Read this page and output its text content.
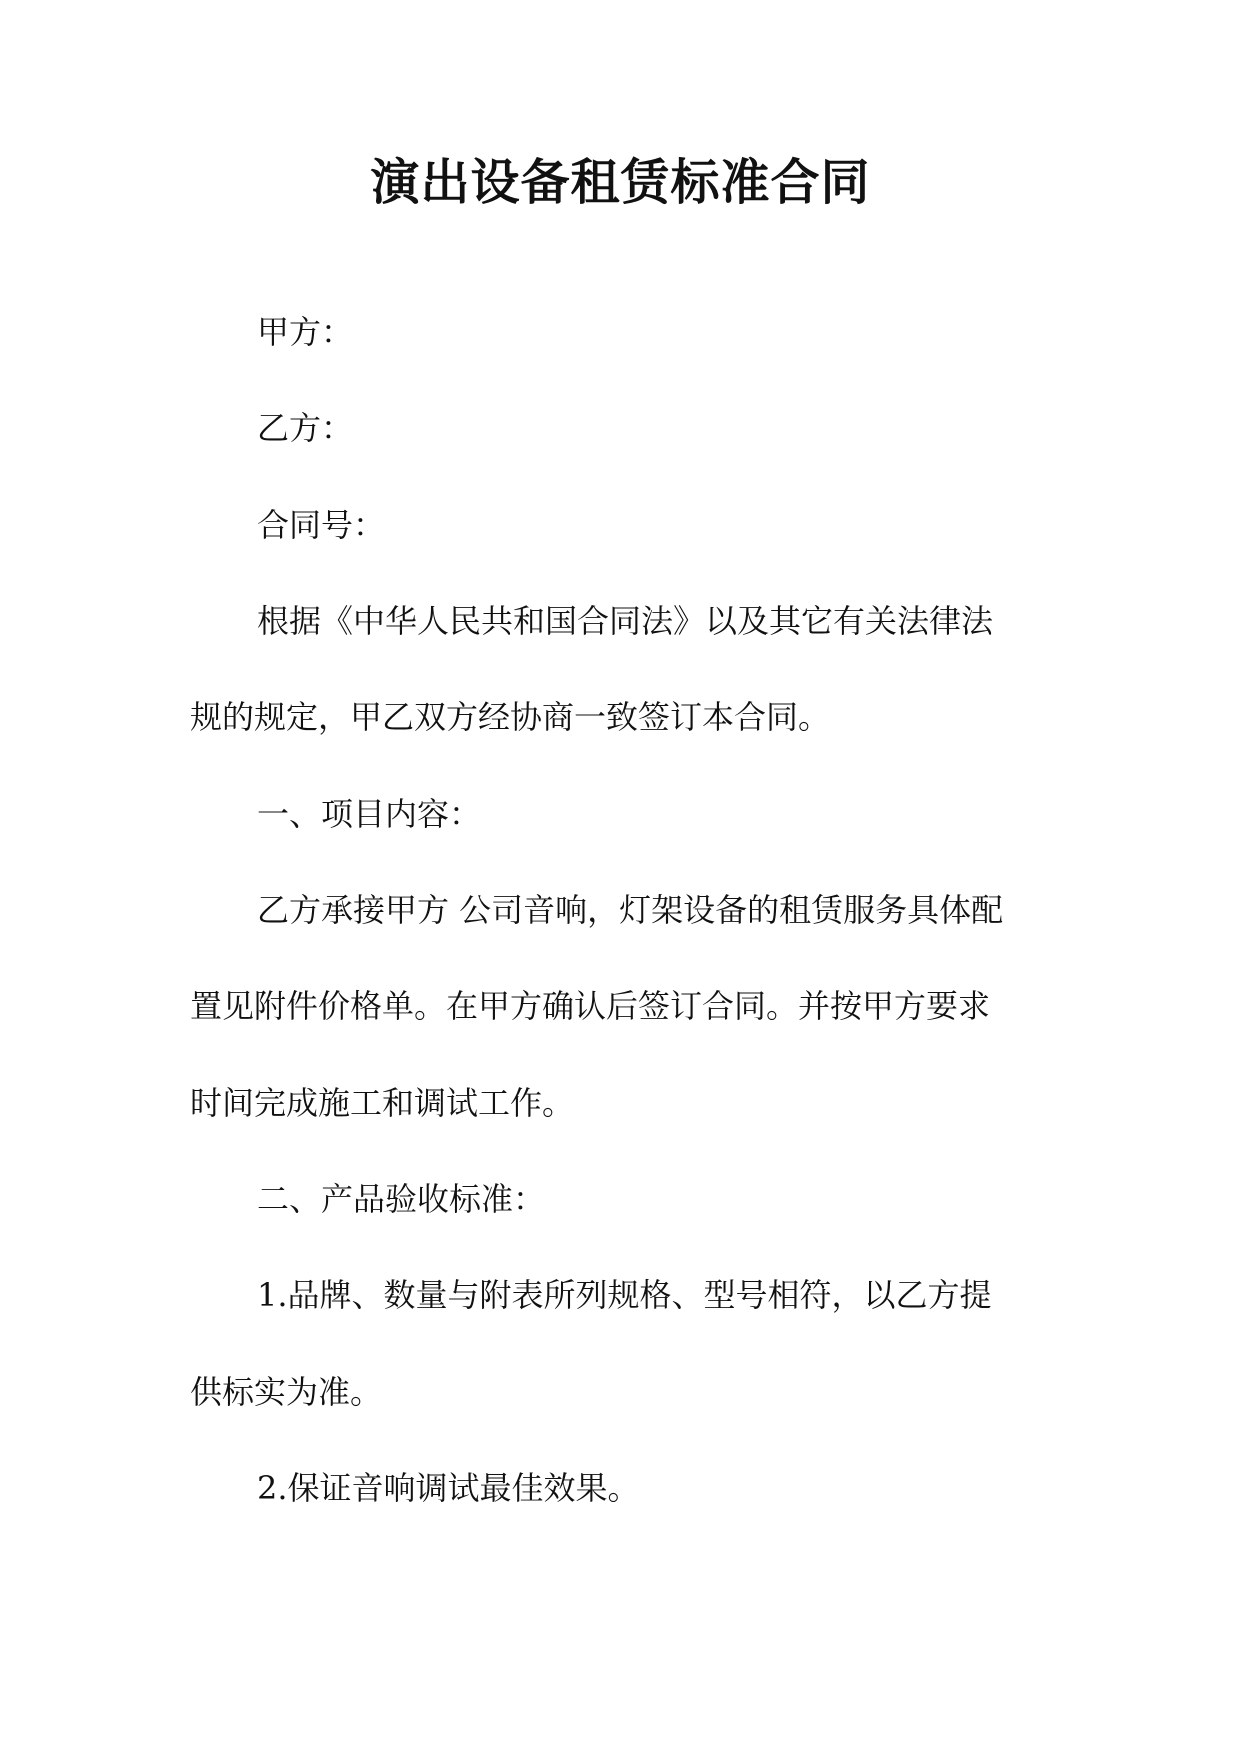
演出设备租赁标准合同

甲方：

乙方：

合同号：

根据《中华人民共和国合同法》以及其它有关法律法

规的规定，甲乙双方经协商一致签订本合同。

一、项目内容：

乙方承接甲方 公司音响，灯架设备的租赁服务具体配

置见附件价格单。在甲方确认后签订合同。并按甲方要求

时间完成施工和调试工作。

二、产品验收标准：

1.品牌、数量与附表所列规格、型号相符，以乙方提

供标实为准。

2.保证音响调试最佳效果。
